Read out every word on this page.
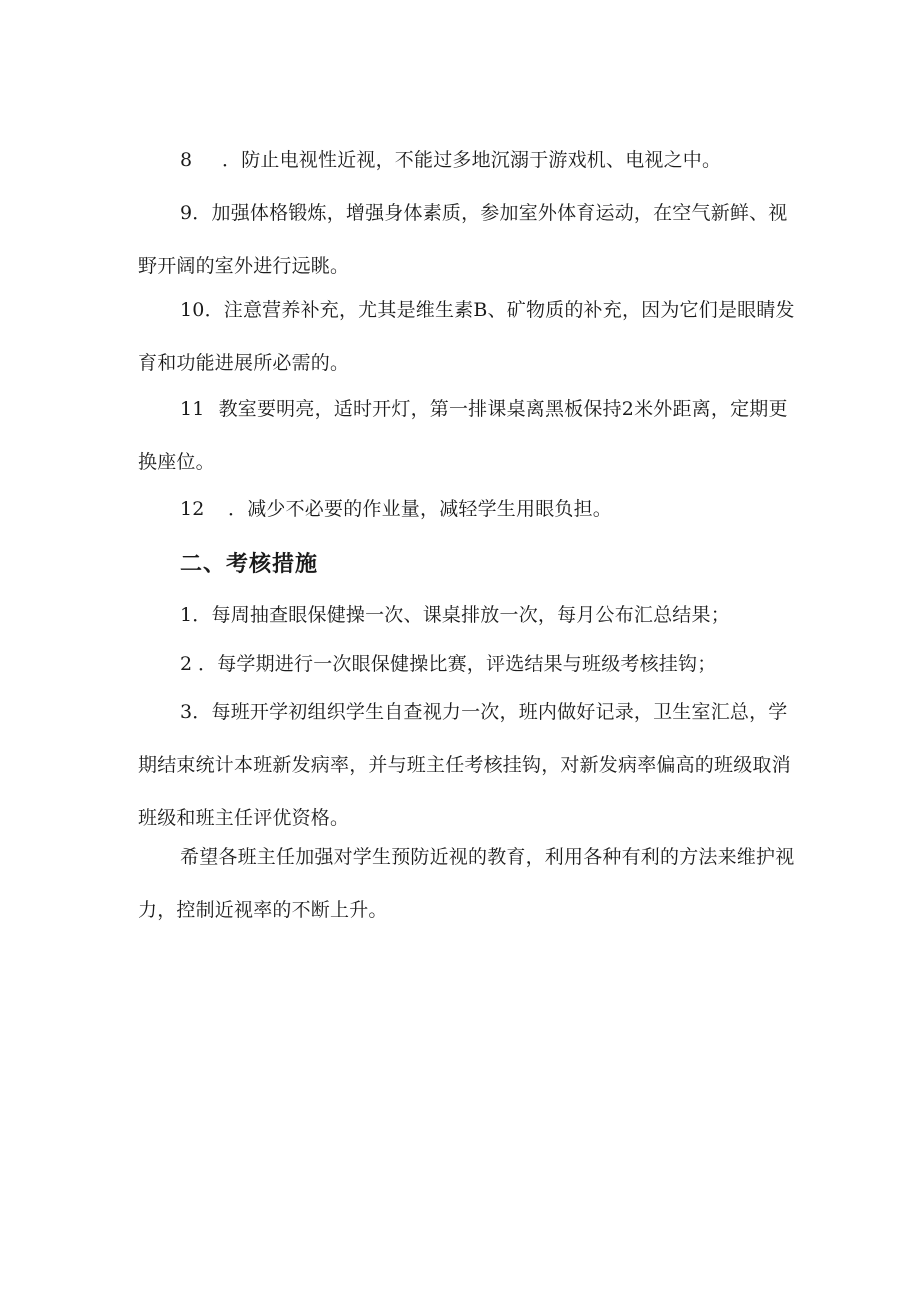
8 ．防止电视性近视，不能过多地沉溺于游戏机、电视之中。

9．加强体格锻炼，增强身体素质，参加室外体育运动，在空气新鲜、视野开阔的室外进行远眺。

10．注意营养补充，尤其是维生素B、矿物质的补充，因为它们是眼睛发育和功能进展所必需的。

11 教室要明亮，适时开灯，第一排课桌离黑板保持2米外距离，定期更换座位。

12 ．减少不必要的作业量，减轻学生用眼负担。

二、考核措施

1．每周抽查眼保健操一次、课桌排放一次，每月公布汇总结果；

2 ．每学期进行一次眼保健操比赛，评选结果与班级考核挂钩；

3．每班开学初组织学生自查视力一次，班内做好记录，卫生室汇总，学期结束统计本班新发病率，并与班主任考核挂钩，对新发病率偏高的班级取消班级和班主任评优资格。

希望各班主任加强对学生预防近视的教育，利用各种有利的方法来维护视力，控制近视率的不断上升。
